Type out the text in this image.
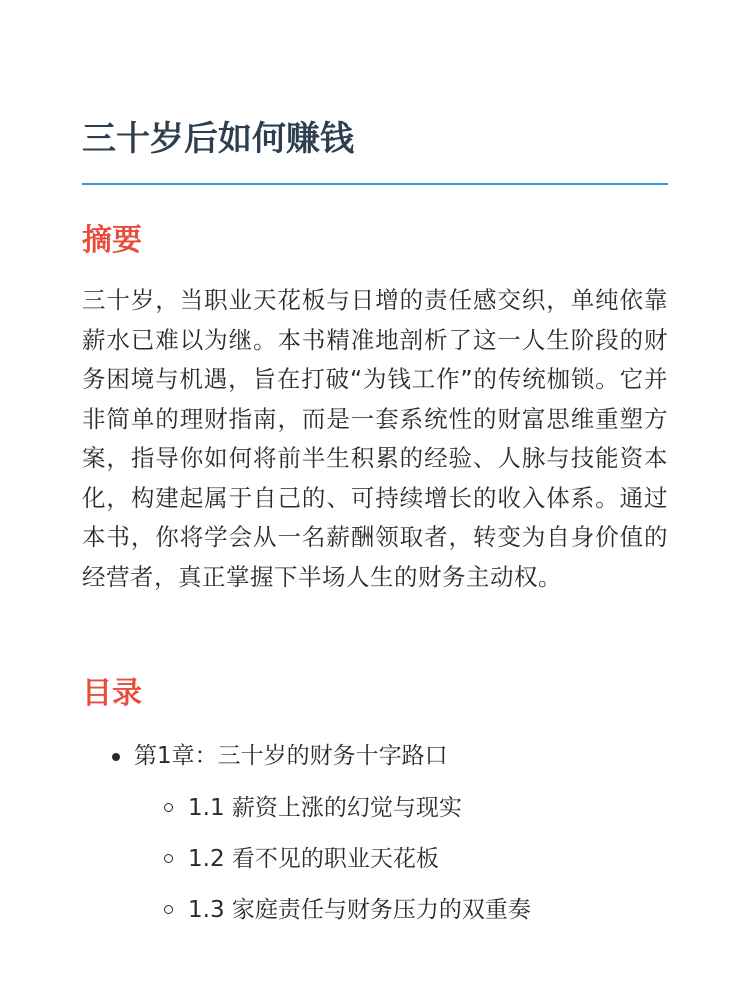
三十岁后如何赚钱
摘要

三十岁，当职业天花板与日增的责任感交织，单纯依靠薪水已难以为继。本书精准地剖析了这一人生阶段的财务困境与机遇，旨在打破“为钱工作”的传统枷锁。它并非简单的理财指南，而是一套系统性的财富思维重塑方案，指导你如何将前半生积累的经验、人脉与技能资本化，构建起属于自己的、可持续增长的收入体系。通过本书，你将学会从一名薪酬领取者，转变为自身价值的经营者，真正掌握下半场人生的财务主动权。

目录
第1章：三十岁的财务十字路口
1.1 薪资上涨的幻觉与现实
1.2 看不见的职业天花板
1.3 家庭责任与财务压力的双重奏
